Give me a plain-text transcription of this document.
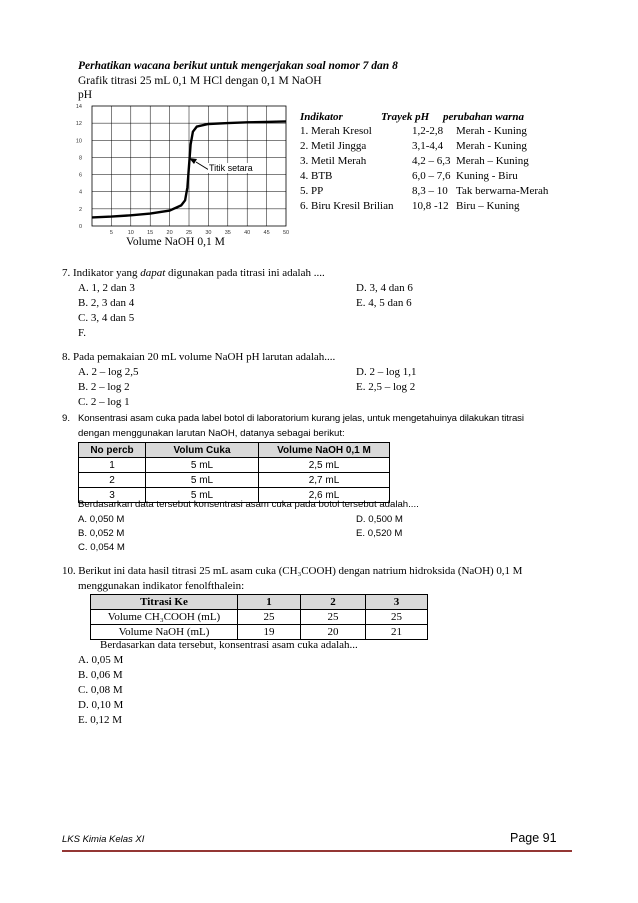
Perhatikan wacana berikut untuk mengerjakan soal nomor 7 dan 8
Grafik titrasi 25 mL 0,1 M HCl dengan 0,1 M NaOH
pH
5	10 15 20 25 30 35 40 45 50
0
2
4
6
8
10
12
14
Titik setara
Volume NaOH 0,1 M
Indikator	Trayek pH perubahan warna
1. Merah Kresol	1,2-2,8 Merah - Kuning
2. Metil Jingga	3,1-4,4 Merah - Kuning
3. Metil Merah	4,2 – 6,3 Merah – Kuning
4. BTB	6,0 – 7,6 Kuning - Biru
5. PP	8,3 – 10 Tak berwarna-Merah
6. Biru Kresil Brilian 10,8 -12 Biru – Kuning
7. Indikator yang dapat digunakan pada titrasi ini adalah ....
A. 1, 2 dan 3
B. 2, 3 dan 4
C. 3, 4 dan 5
F.
D. 3, 4 dan 6
E. 4, 5 dan 6
8. Pada pemakaian 20 mL volume NaOH pH larutan adalah....
A. 2 – log 2,5
B. 2 – log 2
C. 2 – log 1
D. 2 – log 1,1
E. 2,5 – log 2
9. Konsentrasi asam cuka pada label botol di laboratorium kurang jelas, untuk mengetahuinya dilakukan titrasi
dengan menggunakan larutan NaOH, datanya sebagai berikut:
No percb	Volum Cuka	Volume NaOH 0,1 M
1	5 mL	2,5 mL
2	5 mL	2,7 mL
3	5 mL	2,6 mL
Berdasarkan data tersebut konsentrasi asam cuka pada botol tersebut adalah....
A. 0,050 M
B. 0,052 M
C. 0,054 M
D. 0,500 M
E. 0,520 M
10. Berikut ini data hasil titrasi 25 mL asam cuka (CH₃COOH) dengan natrium hidroksida (NaOH) 0,1 M
menggunakan indikator fenolfthalein:
Titrasi Ke	1	2	3
Volume CH₃COOH (mL)	25	25	25
Volume NaOH (mL)	19	20	21
Berdasarkan data tersebut, konsentrasi asam cuka adalah...
A. 0,05 M
B. 0,06 M
C. 0,08 M
D. 0,10 M
E. 0,12 M
LKS Kimia Kelas XI	Page 91
